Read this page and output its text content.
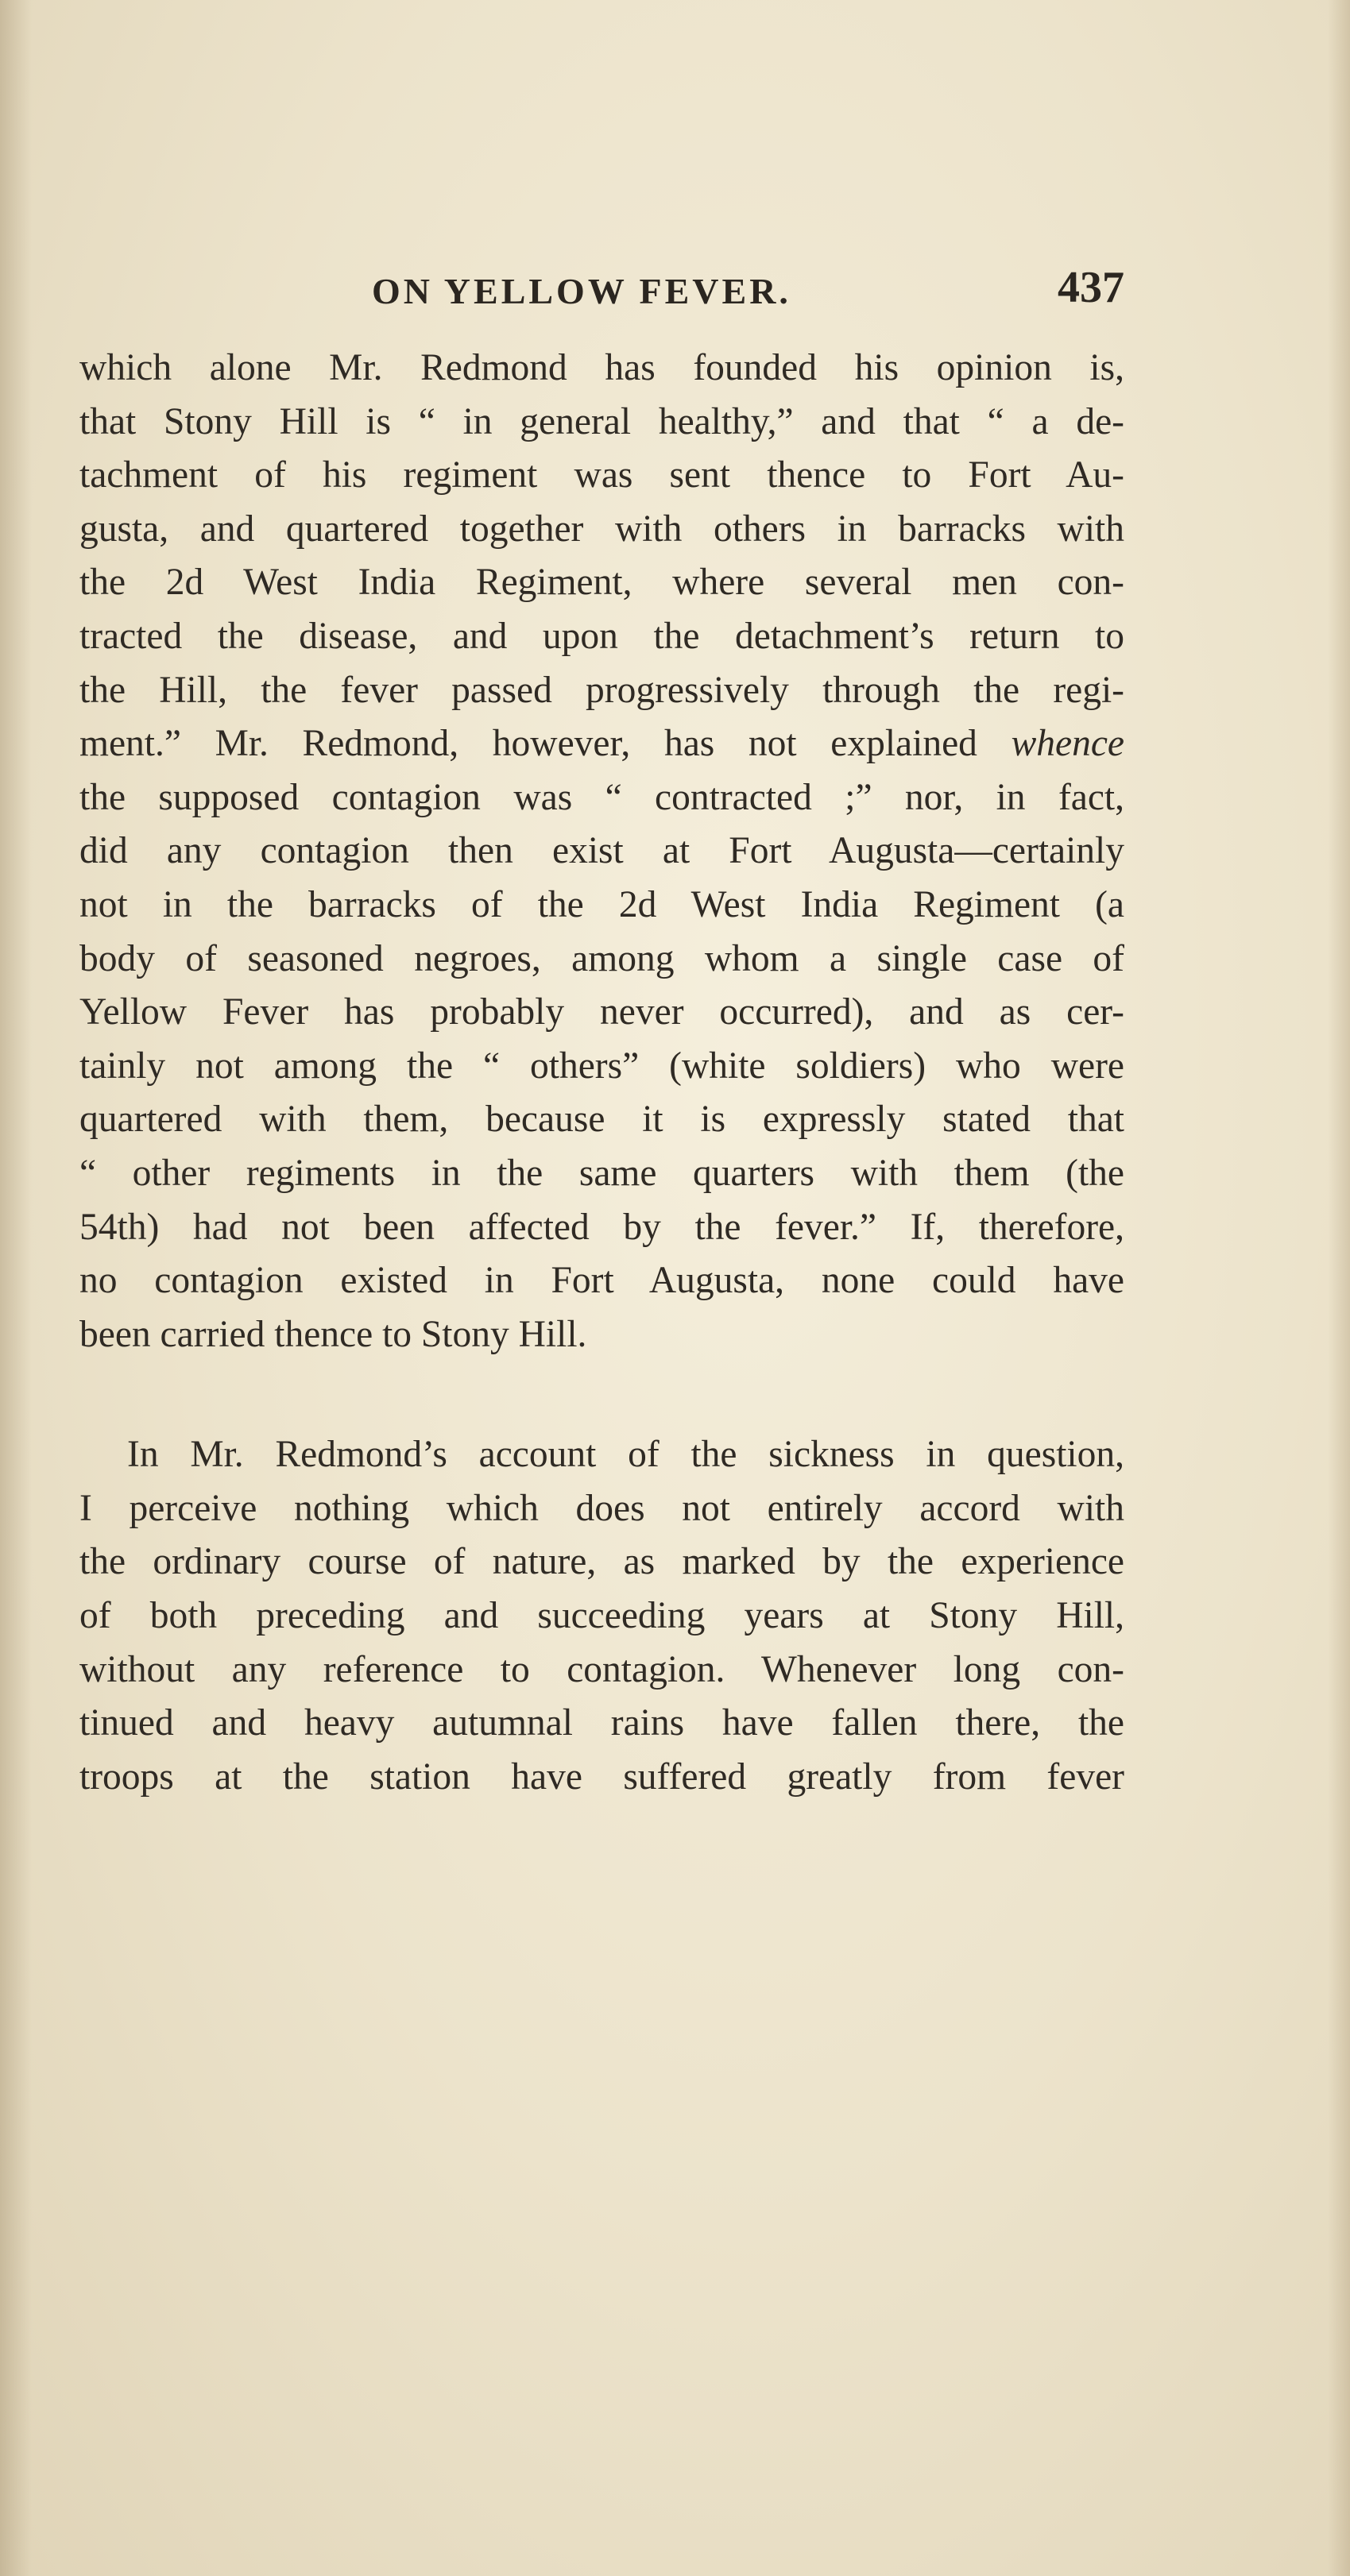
ON YELLOW FEVER.	437
which alone Mr. Redmond has founded his opinion is,
that Stony Hill is “ in general healthy,” and that “ a de-
tachment of his regiment was sent thence to Fort Au-
gusta, and quartered together with others in barracks with
the 2d West India Regiment, where several men con-
tracted the disease, and upon the detachment’s return to
the Hill, the fever passed progressively through the regi-
ment.” Mr. Redmond, however, has not explained whence
the supposed contagion was “ contracted ;” nor, in fact,
did any contagion then exist at Fort Augusta—certainly
not in the barracks of the 2d West India Regiment (a
body of seasoned negroes, among whom a single case of
Yellow Fever has probably never occurred), and as cer-
tainly not among the “ others” (white soldiers) who were
quartered with them, because it is expressly stated that
“ other regiments in the same quarters with them (the
54th) had not been affected by the fever.” If, therefore,
no contagion existed in Fort Augusta, none could have
been carried thence to Stony Hill.
In Mr. Redmond’s account of the sickness in question,
I perceive nothing which does not entirely accord with
the ordinary course of nature, as marked by the experience
of both preceding and succeeding years at Stony Hill,
without any reference to contagion. Whenever long con-
tinued and heavy autumnal rains have fallen there, the
troops at the station have suffered greatly from fever
